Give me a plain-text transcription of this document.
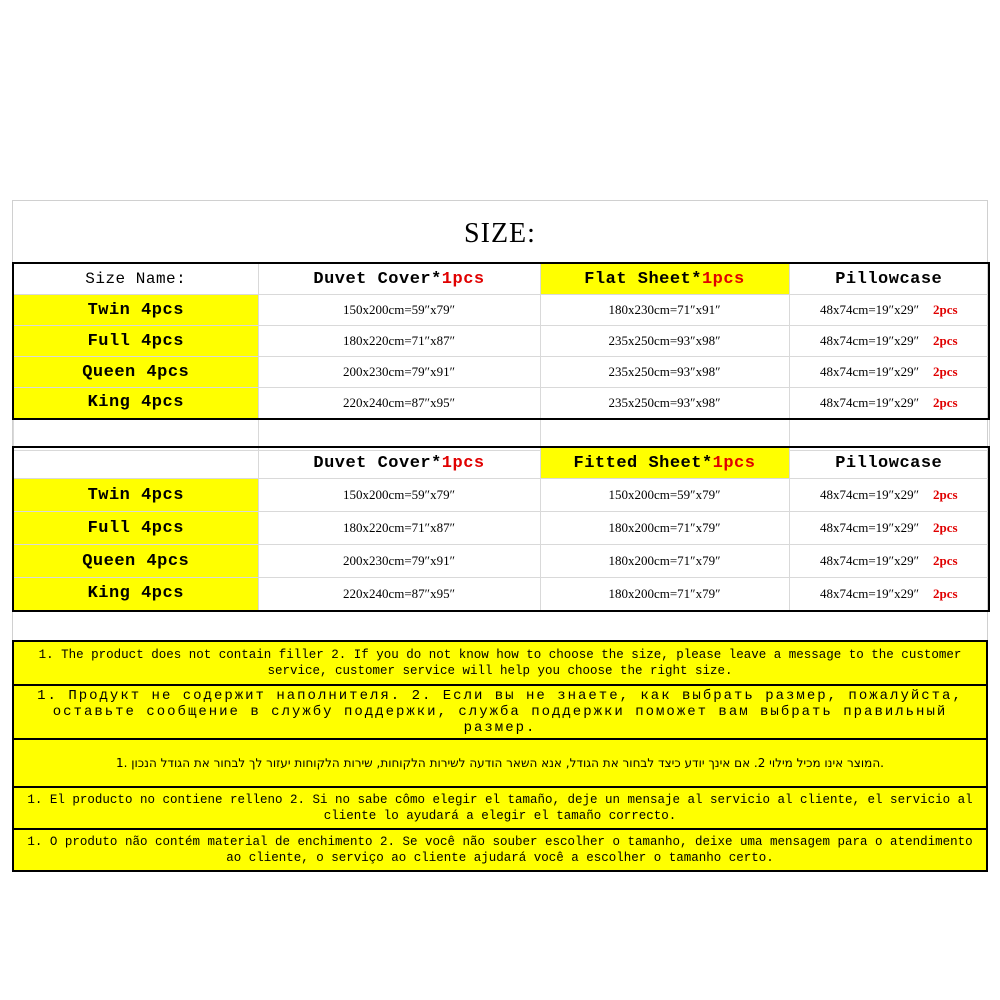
SIZE:
Size Name:	Duvet Cover*1pcs	Flat Sheet*1pcs	Pillowcase
Twin 4pcs	150x200cm=59″x79″	180x230cm=71″x91″	48x74cm=19″x29″ 2pcs
Full 4pcs	180x220cm=71″x87″	235x250cm=93″x98″	48x74cm=19″x29″ 2pcs
Queen 4pcs	200x230cm=79″x91″	235x250cm=93″x98″	48x74cm=19″x29″ 2pcs
King 4pcs	220x240cm=87″x95″	235x250cm=93″x98″	48x74cm=19″x29″ 2pcs

	Duvet Cover*1pcs	Fitted Sheet*1pcs	Pillowcase
Twin 4pcs	150x200cm=59″x79″	150x200cm=59″x79″	48x74cm=19″x29″ 2pcs
Full 4pcs	180x220cm=71″x87″	180x200cm=71″x79″	48x74cm=19″x29″ 2pcs
Queen 4pcs	200x230cm=79″x91″	180x200cm=71″x79″	48x74cm=19″x29″ 2pcs
King 4pcs	220x240cm=87″x95″	180x200cm=71″x79″	48x74cm=19″x29″ 2pcs
1. The product does not contain filler 2. If you do not know how to choose the size, please leave a message to the customer service, customer service will help you choose the right size.
1. Продукт не содержит наполнителя. 2. Если вы не знаете, как выбрать размер, пожалуйста, оставьте сообщение в службу поддержки, служба поддержки поможет вам выбрать правильный размер.
1. המוצר אינו מכיל מילוי 2. אם אינך יודע כיצד לבחור את הגודל, אנא השאר הודעה לשירות הלקוחות, שירות הלקוחות יעזור לך לבחור את הגודל הנכון.
1. El producto no contiene relleno 2. Si no sabe cômo elegir el tamaño, deje un mensaje al servicio al cliente, el servicio al cliente lo ayudará a elegir el tamaño correcto.
1. O produto não contém material de enchimento 2. Se você não souber escolher o tamanho, deixe uma mensagem para o atendimento ao cliente, o serviço ao cliente ajudará você a escolher o tamanho certo.
